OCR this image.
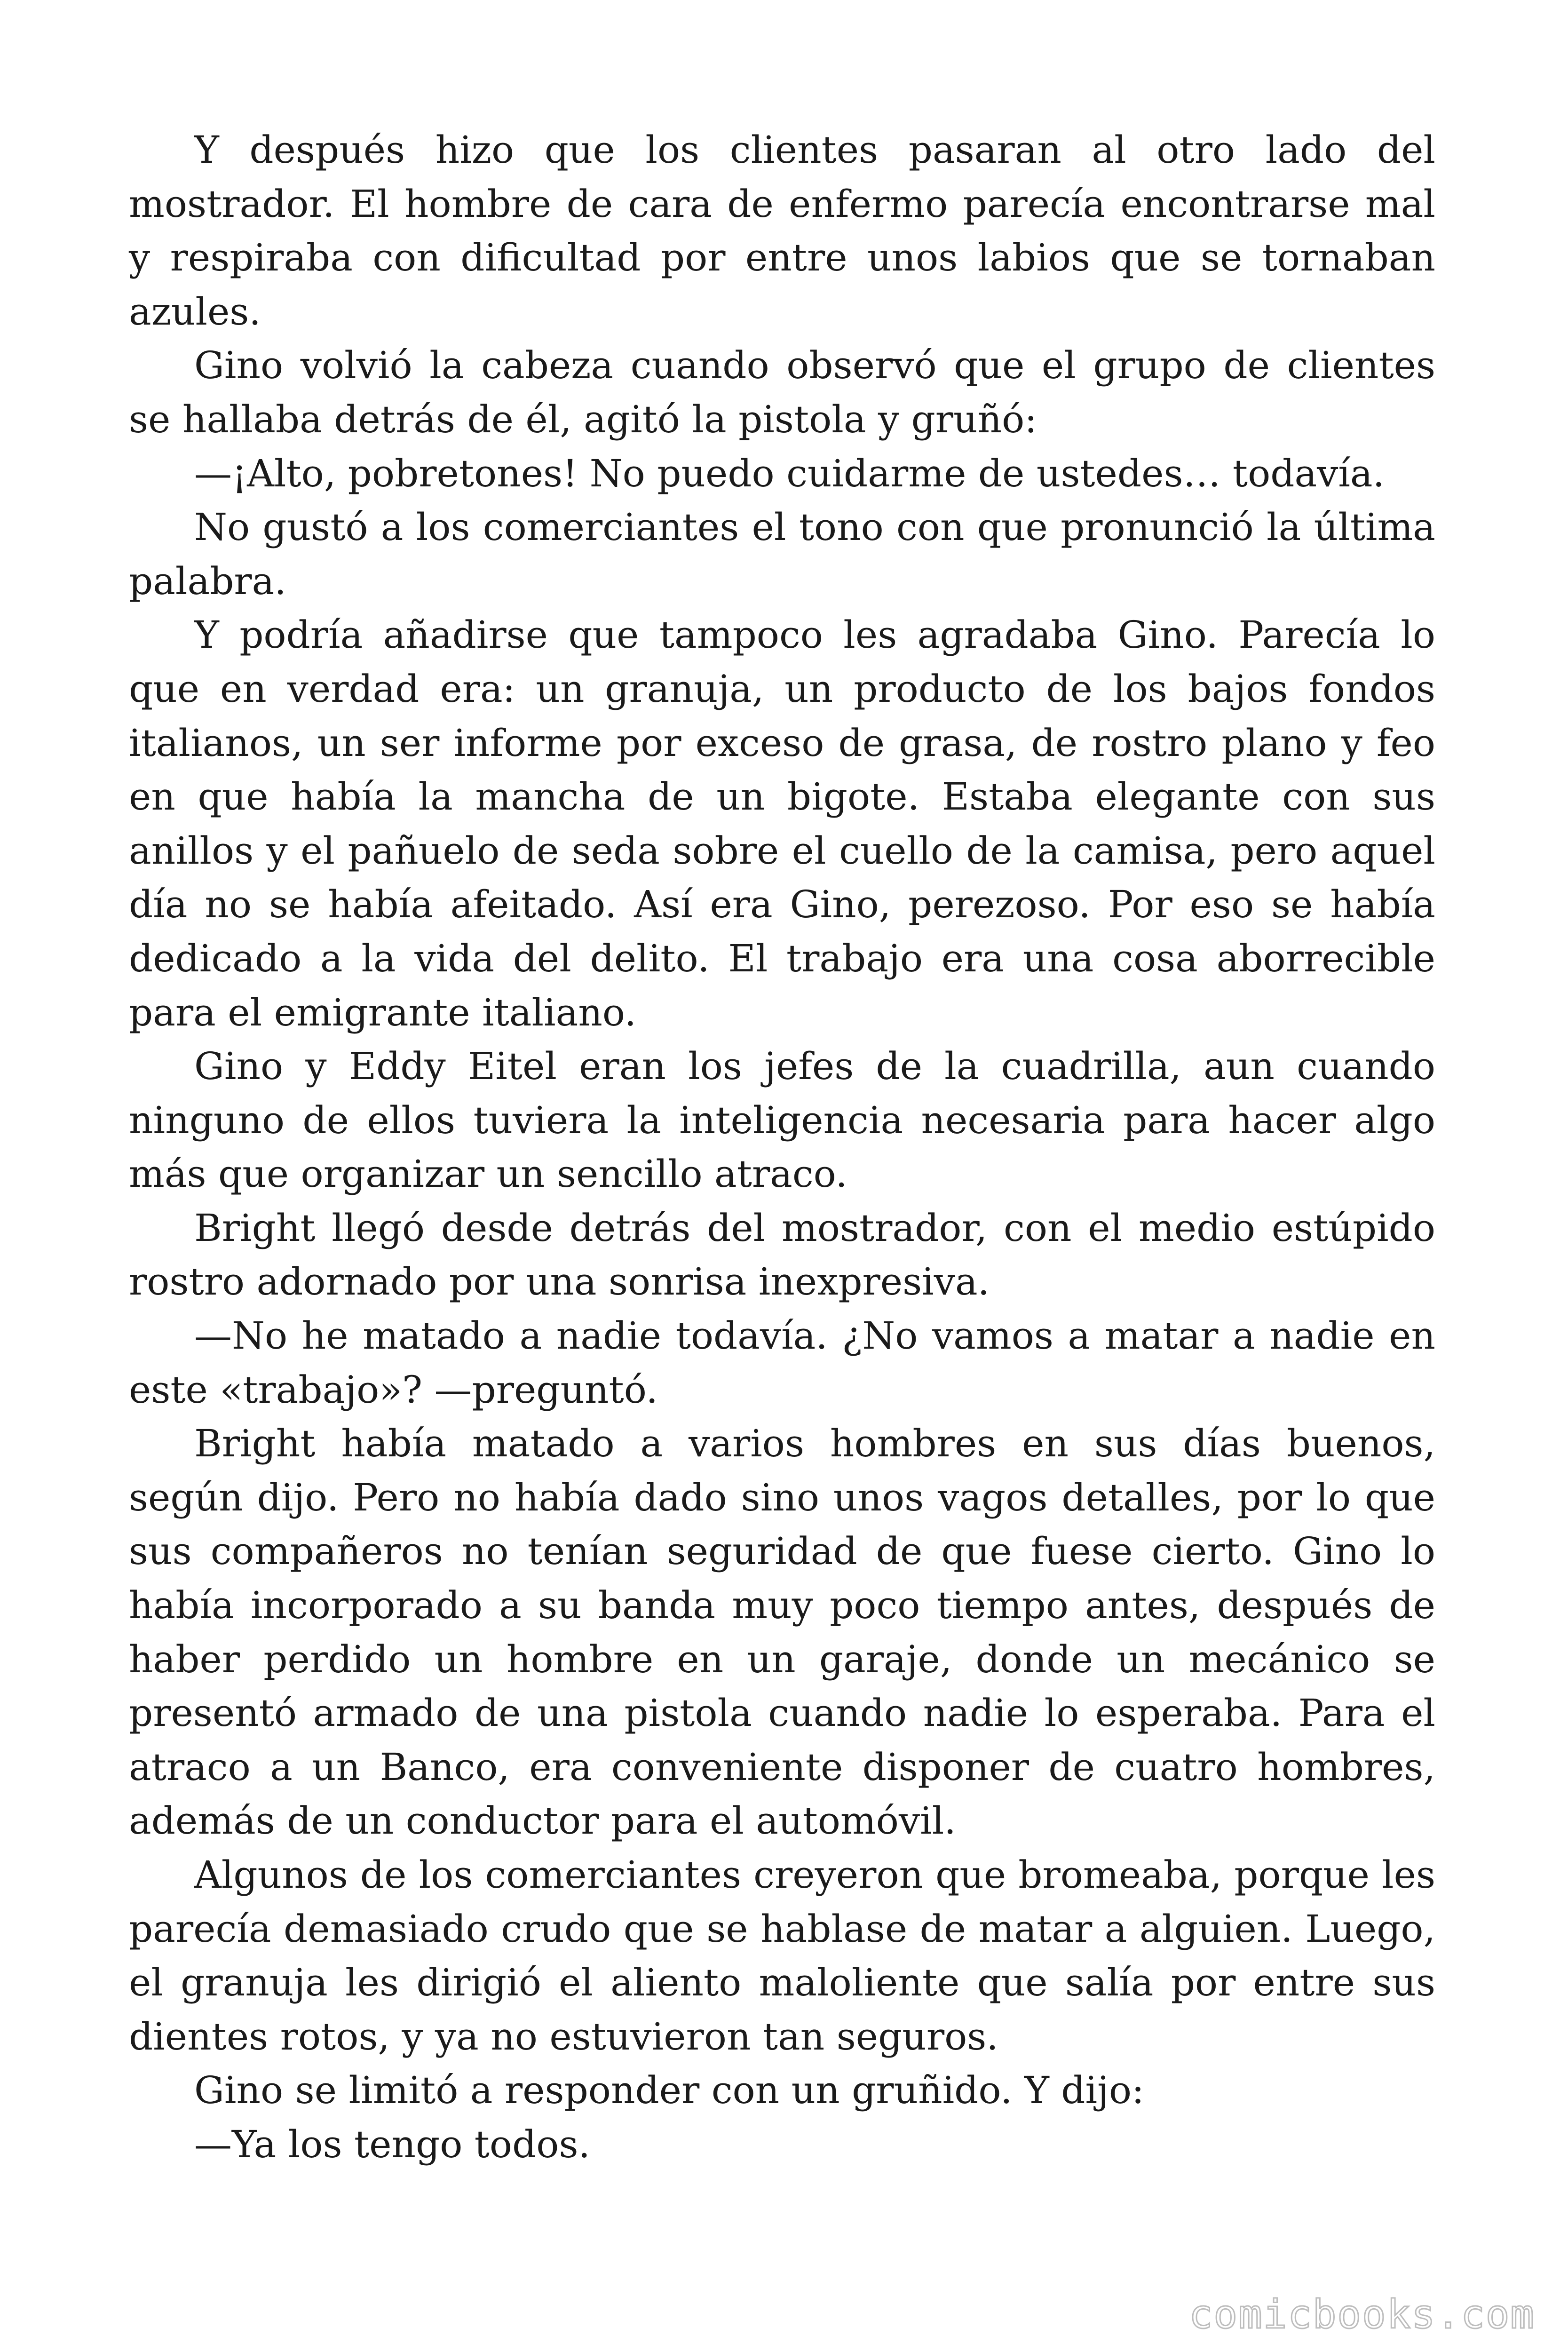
Y después hizo que los clientes pasaran al otro lado del mostrador. El hombre de cara de enfermo parecía encontrarse mal y respiraba con dificultad por entre unos labios que se tornaban azules.

Gino volvió la cabeza cuando observó que el grupo de clientes se hallaba detrás de él, agitó la pistola y gruñó:

—¡Alto, pobretones! No puedo cuidarme de ustedes… todavía.

No gustó a los comerciantes el tono con que pronunció la última palabra.

Y podría añadirse que tampoco les agradaba Gino. Parecía lo que en verdad era: un granuja, un producto de los bajos fondos italianos, un ser informe por exceso de grasa, de rostro plano y feo en que había la mancha de un bigote. Estaba elegante con sus anillos y el pañuelo de seda sobre el cuello de la camisa, pero aquel día no se había afeitado. Así era Gino, perezoso. Por eso se había dedicado a la vida del delito. El trabajo era una cosa aborrecible para el emigrante italiano.

Gino y Eddy Eitel eran los jefes de la cuadrilla, aun cuando ninguno de ellos tuviera la inteligencia necesaria para hacer algo más que organizar un sencillo atraco.

Bright llegó desde detrás del mostrador, con el medio estúpido rostro adornado por una sonrisa inexpresiva.

—No he matado a nadie todavía. ¿No vamos a matar a nadie en este «trabajo»? —preguntó.

Bright había matado a varios hombres en sus días buenos, según dijo. Pero no había dado sino unos vagos detalles, por lo que sus compañeros no tenían seguridad de que fuese cierto. Gino lo había incorporado a su banda muy poco tiempo antes, después de haber perdido un hombre en un garaje, donde un mecánico se presentó armado de una pistola cuando nadie lo esperaba. Para el atraco a un Banco, era conveniente disponer de cuatro hombres, además de un conductor para el automóvil.

Algunos de los comerciantes creyeron que bromeaba, porque les parecía demasiado crudo que se hablase de matar a alguien. Luego, el granuja les dirigió el aliento maloliente que salía por entre sus dientes rotos, y ya no estuvieron tan seguros.

Gino se limitó a responder con un gruñido. Y dijo:

—Ya los tengo todos.

comicbooks.com
